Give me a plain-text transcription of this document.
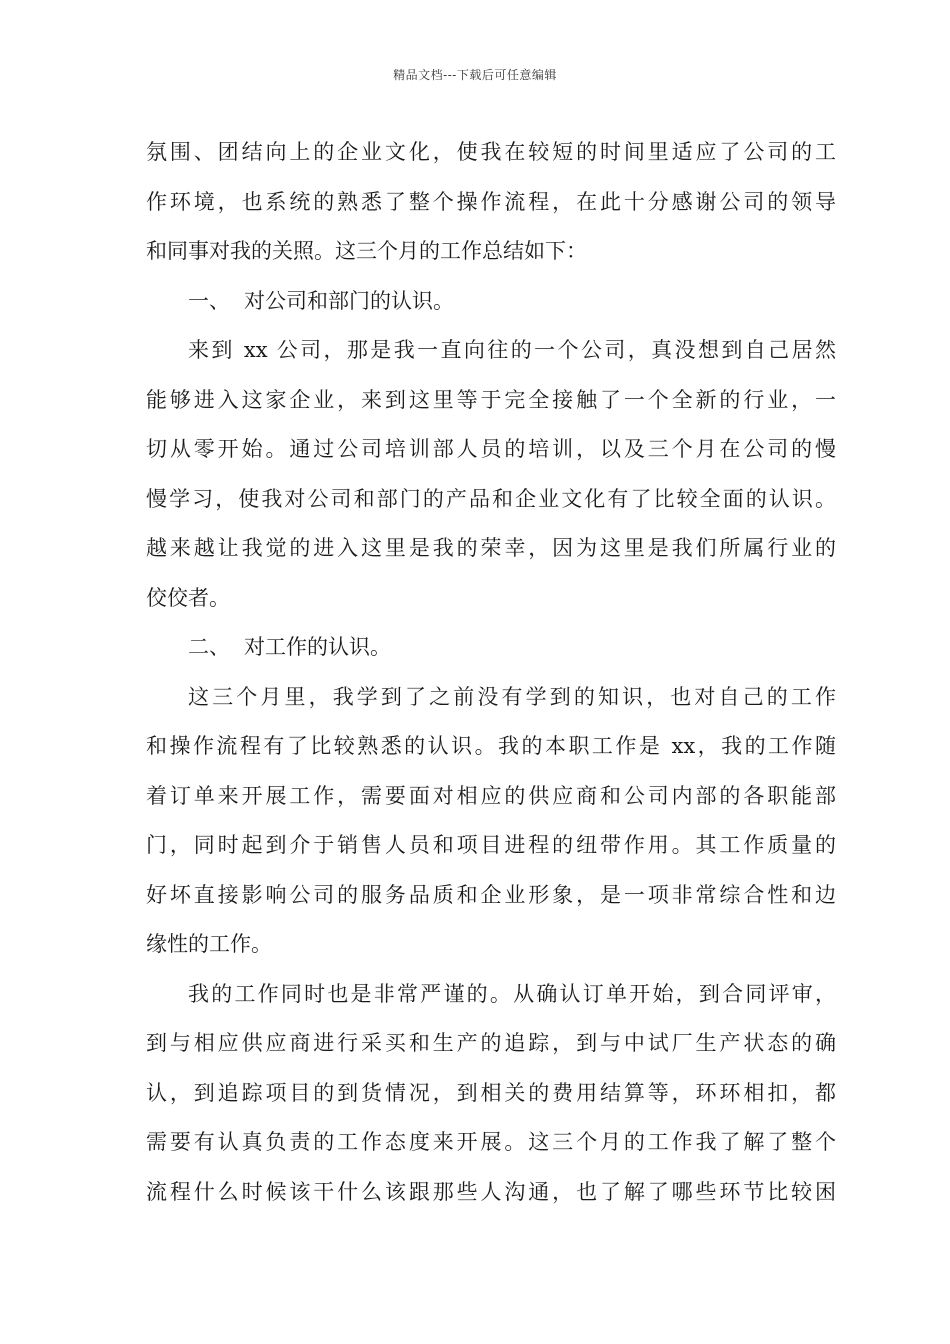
精品文档---下载后可任意编辑
氛围、团结向上的企业文化，使我在较短的时间里适应了公司的工
作环境，也系统的熟悉了整个操作流程，在此十分感谢公司的领导
和同事对我的关照。这三个月的工作总结如下：
一、 对公司和部门的认识。
来到 xx 公司，那是我一直向往的一个公司，真没想到自己居然
能够进入这家企业，来到这里等于完全接触了一个全新的行业，一
切从零开始。通过公司培训部人员的培训，以及三个月在公司的慢
慢学习，使我对公司和部门的产品和企业文化有了比较全面的认识。
越来越让我觉的进入这里是我的荣幸，因为这里是我们所属行业的
佼佼者。
二、 对工作的认识。
这三个月里，我学到了之前没有学到的知识，也对自己的工作
和操作流程有了比较熟悉的认识。我的本职工作是 xx，我的工作随
着订单来开展工作，需要面对相应的供应商和公司内部的各职能部
门，同时起到介于销售人员和项目进程的纽带作用。其工作质量的
好坏直接影响公司的服务品质和企业形象，是一项非常综合性和边
缘性的工作。
我的工作同时也是非常严谨的。从确认订单开始，到合同评审，
到与相应供应商进行采买和生产的追踪，到与中试厂生产状态的确
认，到追踪项目的到货情况，到相关的费用结算等，环环相扣，都
需要有认真负责的工作态度来开展。这三个月的工作我了解了整个
流程什么时候该干什么该跟那些人沟通，也了解了哪些环节比较困
